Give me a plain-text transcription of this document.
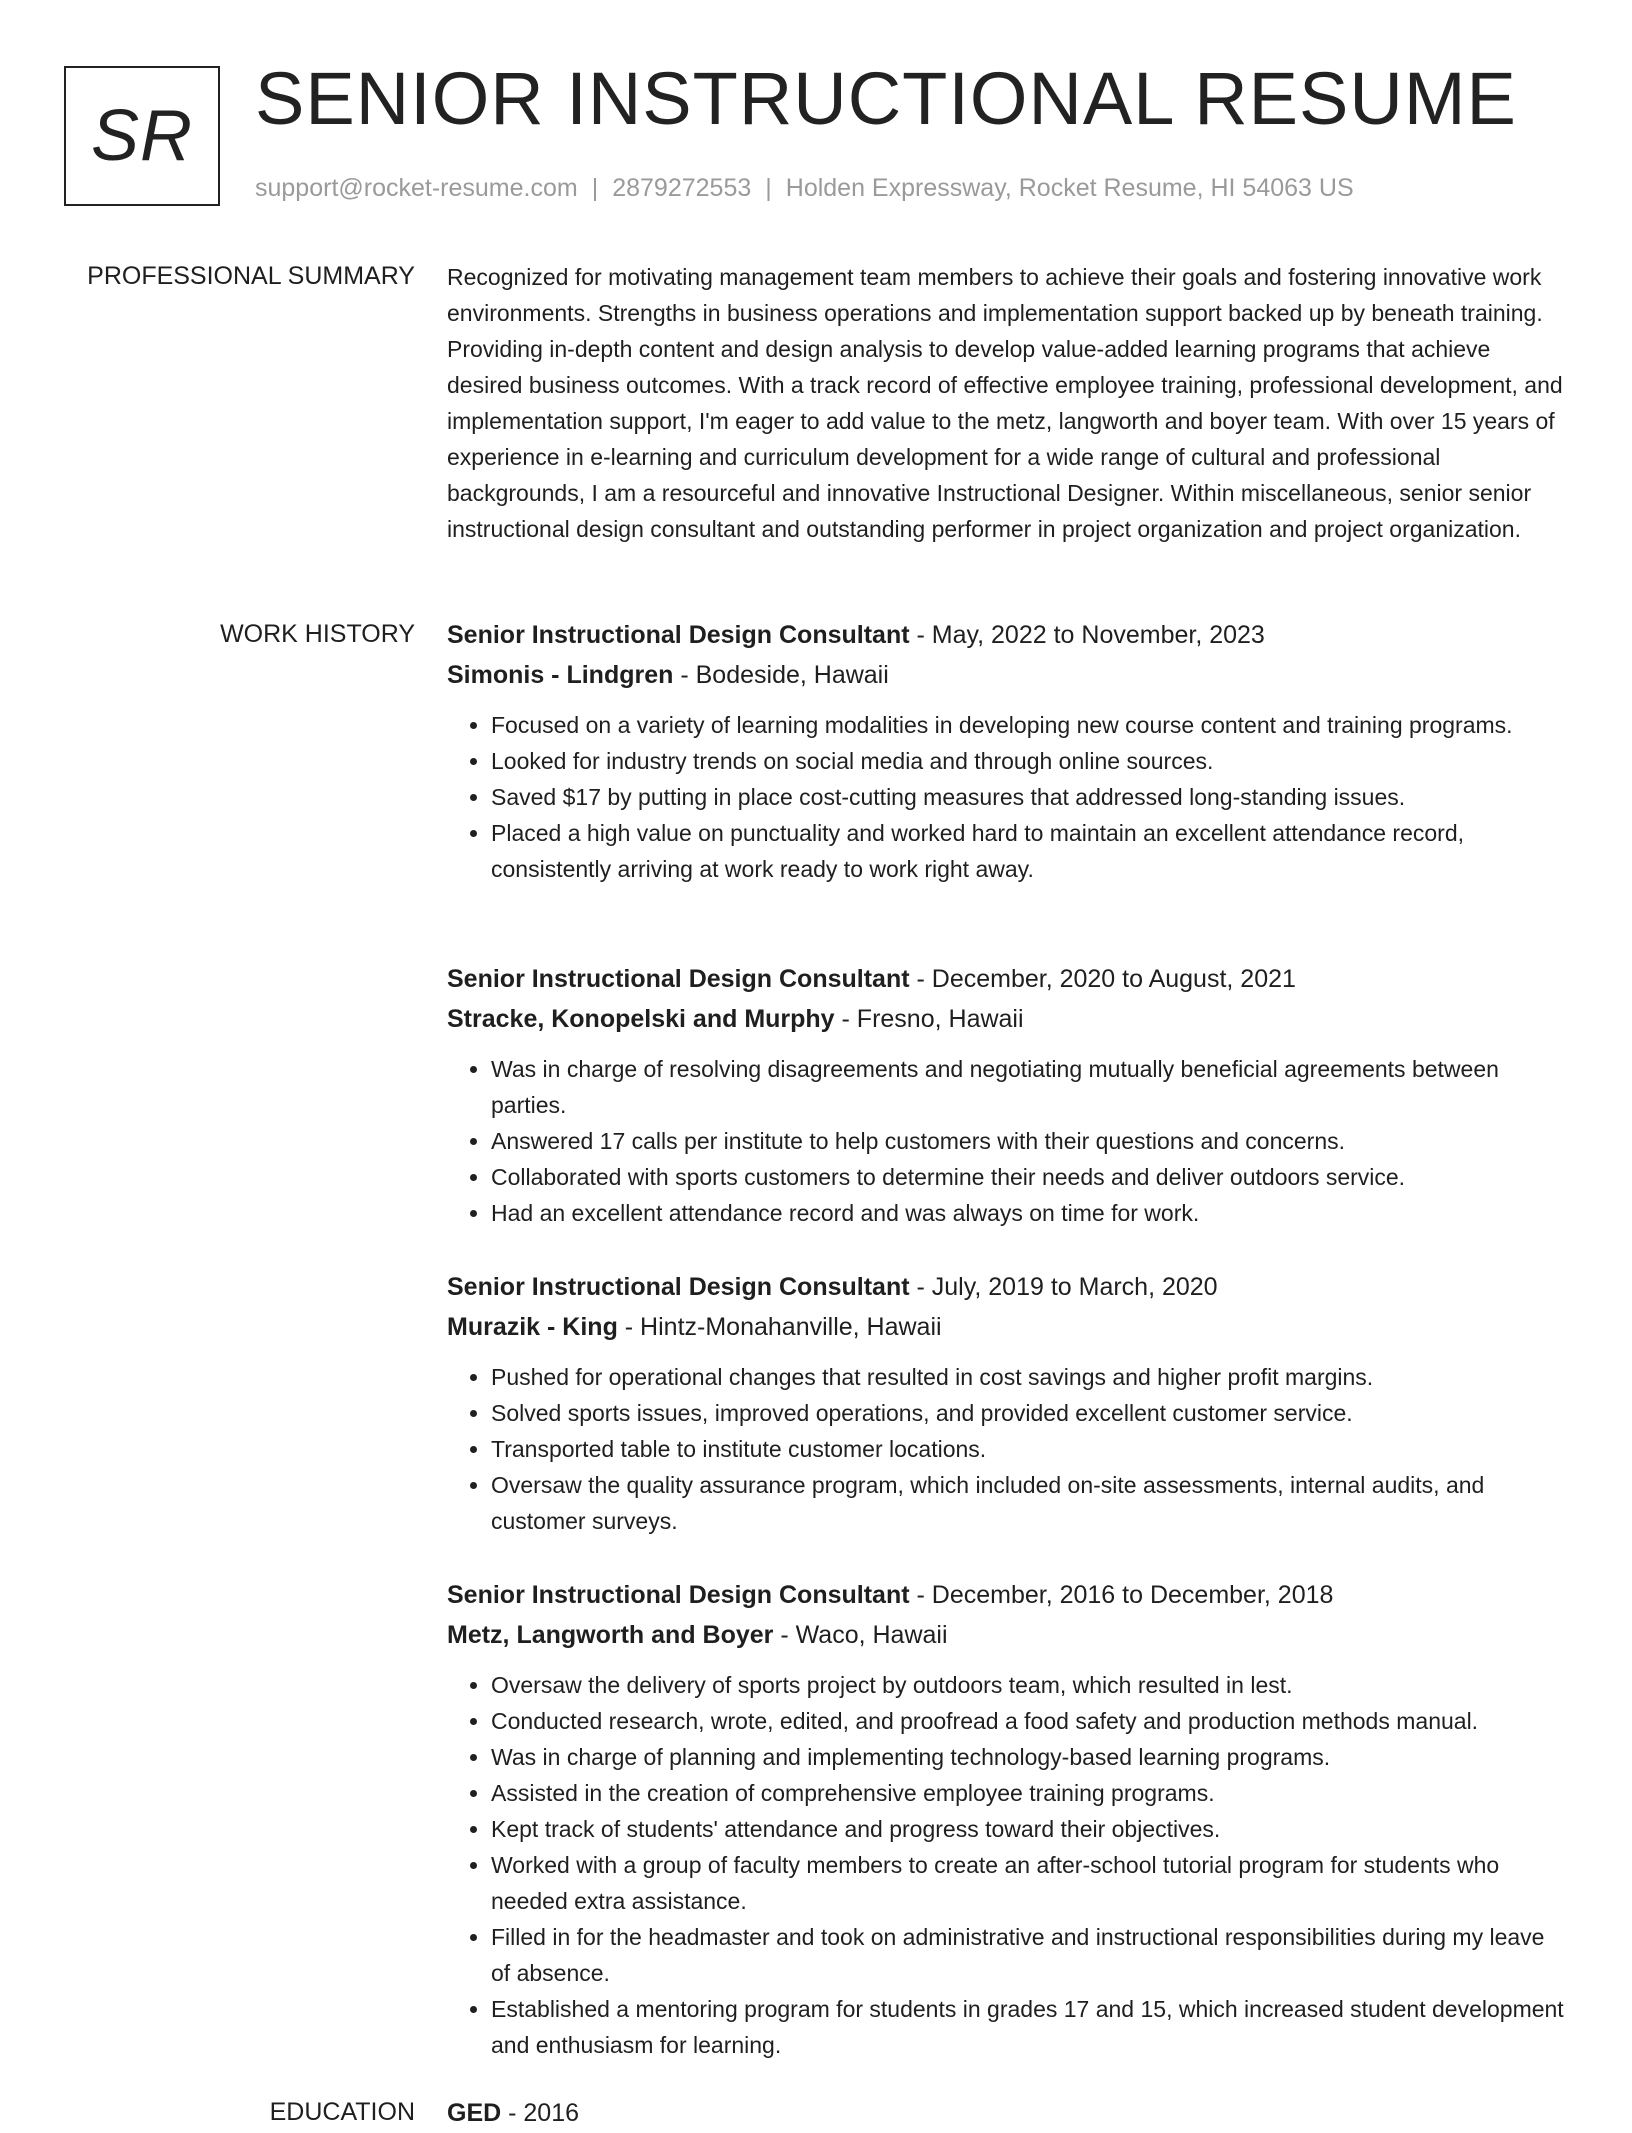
SR SENIOR INSTRUCTIONAL RESUME
support@rocket-resume.com | 2879272553 | Holden Expressway, Rocket Resume, HI 54063 US
PROFESSIONAL SUMMARY Recognized for motivating management team members to achieve their goals and fostering innovative work environments. Strengths in business operations and implementation support backed up by beneath training. Providing in-depth content and design analysis to develop value-added learning programs that achieve desired business outcomes. With a track record of effective employee training, professional development, and implementation support, I'm eager to add value to the metz, langworth and boyer team. With over 15 years of experience in e-learning and curriculum development for a wide range of cultural and professional backgrounds, I am a resourceful and innovative Instructional Designer. Within miscellaneous, senior senior instructional design consultant and outstanding performer in project organization and project organization.
WORK HISTORY Senior Instructional Design Consultant - May, 2022 to November, 2023
Simonis - Lindgren - Bodeside, Hawaii
• Focused on a variety of learning modalities in developing new course content and training programs.
• Looked for industry trends on social media and through online sources.
• Saved $17 by putting in place cost-cutting measures that addressed long-standing issues.
• Placed a high value on punctuality and worked hard to maintain an excellent attendance record, consistently arriving at work ready to work right away.
Senior Instructional Design Consultant - December, 2020 to August, 2021
Stracke, Konopelski and Murphy - Fresno, Hawaii
• Was in charge of resolving disagreements and negotiating mutually beneficial agreements between parties.
• Answered 17 calls per institute to help customers with their questions and concerns.
• Collaborated with sports customers to determine their needs and deliver outdoors service.
• Had an excellent attendance record and was always on time for work.
Senior Instructional Design Consultant - July, 2019 to March, 2020
Murazik - King - Hintz-Monahanville, Hawaii
• Pushed for operational changes that resulted in cost savings and higher profit margins.
• Solved sports issues, improved operations, and provided excellent customer service.
• Transported table to institute customer locations.
• Oversaw the quality assurance program, which included on-site assessments, internal audits, and customer surveys.
Senior Instructional Design Consultant - December, 2016 to December, 2018
Metz, Langworth and Boyer - Waco, Hawaii
• Oversaw the delivery of sports project by outdoors team, which resulted in lest.
• Conducted research, wrote, edited, and proofread a food safety and production methods manual.
• Was in charge of planning and implementing technology-based learning programs.
• Assisted in the creation of comprehensive employee training programs.
• Kept track of students' attendance and progress toward their objectives.
• Worked with a group of faculty members to create an after-school tutorial program for students who needed extra assistance.
• Filled in for the headmaster and took on administrative and instructional responsibilities during my leave of absence.
• Established a mentoring program for students in grades 17 and 15, which increased student development and enthusiasm for learning.
EDUCATION GED - 2016
